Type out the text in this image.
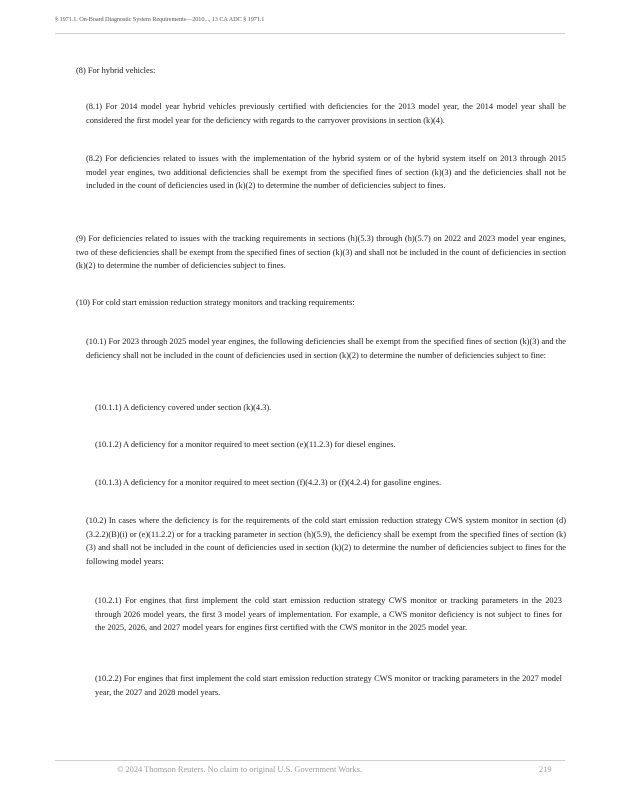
§ 1971.1. On-Board Diagnostic System Requirements—2010..., 13 CA ADC § 1971.1

(8) For hybrid vehicles:

(8.1) For 2014 model year hybrid vehicles previously certified with deficiencies for the 2013 model year, the 2014 model year shall be considered the first model year for the deficiency with regards to the carryover provisions in section (k)(4).

(8.2) For deficiencies related to issues with the implementation of the hybrid system or of the hybrid system itself on 2013 through 2015 model year engines, two additional deficiencies shall be exempt from the specified fines of section (k)(3) and the deficiencies shall not be included in the count of deficiencies used in (k)(2) to determine the number of deficiencies subject to fines.

(9) For deficiencies related to issues with the tracking requirements in sections (h)(5.3) through (h)(5.7) on 2022 and 2023 model year engines, two of these deficiencies shall be exempt from the specified fines of section (k)(3) and shall not be included in the count of deficiencies in section (k)(2) to determine the number of deficiencies subject to fines.

(10) For cold start emission reduction strategy monitors and tracking requirements:

(10.1) For 2023 through 2025 model year engines, the following deficiencies shall be exempt from the specified fines of section (k)(3) and the deficiency shall not be included in the count of deficiencies used in section (k)(2) to determine the number of deficiencies subject to fine:

(10.1.1) A deficiency covered under section (k)(4.3).

(10.1.2) A deficiency for a monitor required to meet section (e)(11.2.3) for diesel engines.

(10.1.3) A deficiency for a monitor required to meet section (f)(4.2.3) or (f)(4.2.4) for gasoline engines.

(10.2) In cases where the deficiency is for the requirements of the cold start emission reduction strategy CWS system monitor in section (d)(3.2.2)(B)(i) or (e)(11.2.2) or for a tracking parameter in section (h)(5.9), the deficiency shall be exempt from the specified fines of section (k)(3) and shall not be included in the count of deficiencies used in section (k)(2) to determine the number of deficiencies subject to fines for the following model years:

(10.2.1) For engines that first implement the cold start emission reduction strategy CWS monitor or tracking parameters in the 2023 through 2026 model years, the first 3 model years of implementation. For example, a CWS monitor deficiency is not subject to fines for the 2025, 2026, and 2027 model years for engines first certified with the CWS monitor in the 2025 model year.

(10.2.2) For engines that first implement the cold start emission reduction strategy CWS monitor or tracking parameters in the 2027 model year, the 2027 and 2028 model years.

© 2024 Thomson Reuters. No claim to original U.S. Government Works.	219
